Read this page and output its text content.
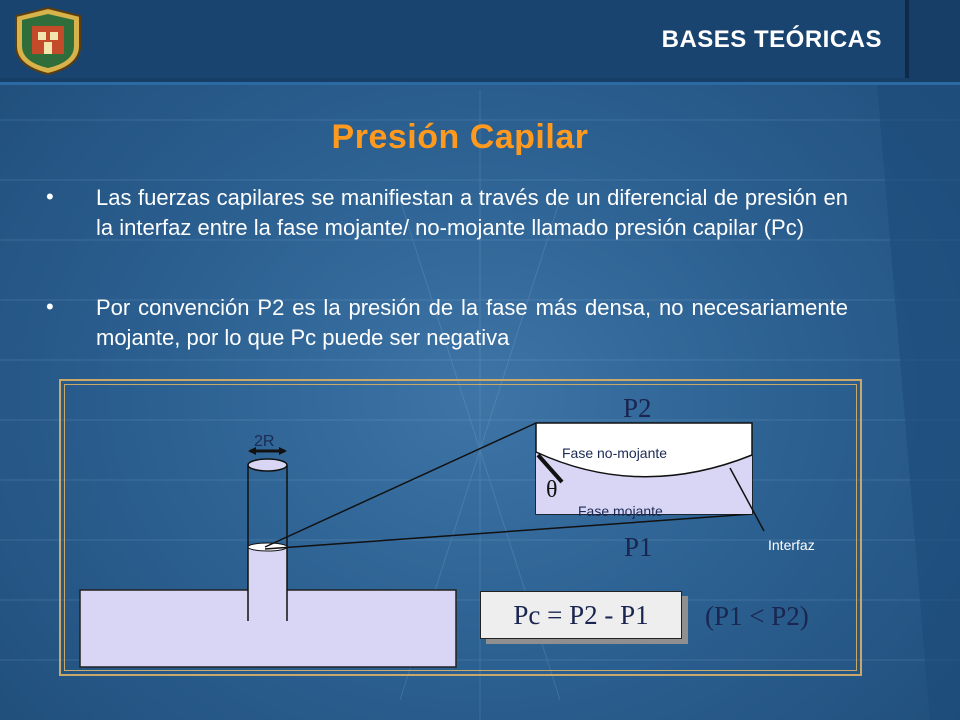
BASES TEÓRICAS
Presión Capilar
• Las fuerzas capilares se manifiestan a través de un diferencial de presión en la interfaz entre la fase mojante/ no-mojante llamado presión capilar (Pc)
• Por convención P2 es la presión de la fase más densa, no necesariamente mojante, por lo que Pc puede ser negativa
2R
θ
Fase no-mojante
Fase mojante
Interfaz
P2
P1
Pc = P2 - P1 (P1 < P2)
